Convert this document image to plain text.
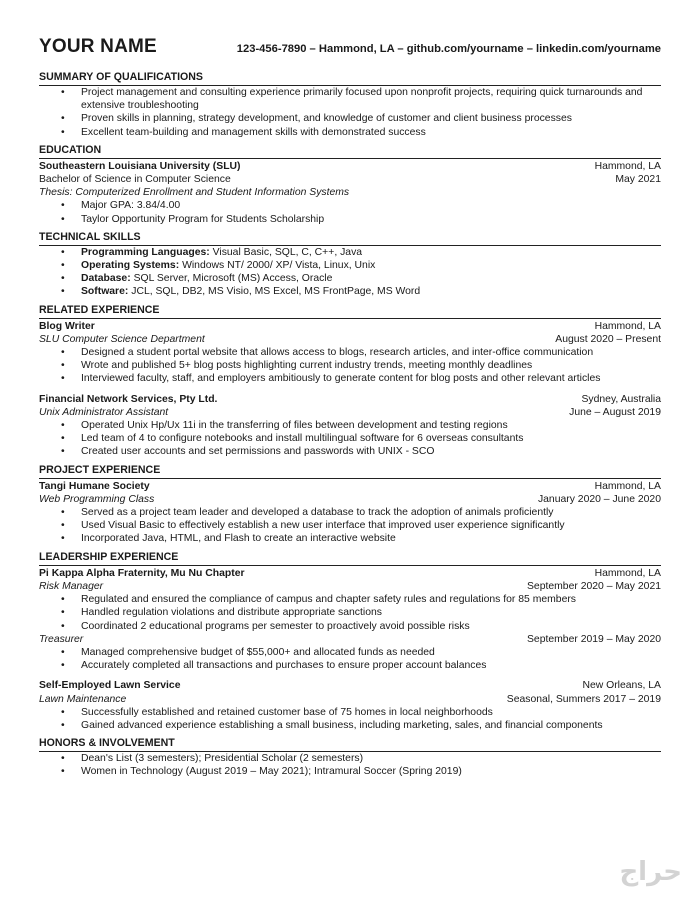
YOUR NAME	123-456-7890 – Hammond, LA – github.com/yourname – linkedin.com/yourname
SUMMARY OF QUALIFICATIONS
• Project management and consulting experience primarily focused upon nonprofit projects, requiring quick turnarounds and extensive troubleshooting
• Proven skills in planning, strategy development, and knowledge of customer and client business processes
• Excellent team-building and management skills with demonstrated success
EDUCATION
Southeastern Louisiana University (SLU)	Hammond, LA
Bachelor of Science in Computer Science	May 2021
Thesis: Computerized Enrollment and Student Information Systems
• Major GPA: 3.84/4.00
• Taylor Opportunity Program for Students Scholarship
TECHNICAL SKILLS
• Programming Languages: Visual Basic, SQL, C, C++, Java
• Operating Systems: Windows NT/ 2000/ XP/ Vista, Linux, Unix
• Database: SQL Server, Microsoft (MS) Access, Oracle
• Software: JCL, SQL, DB2, MS Visio, MS Excel, MS FrontPage, MS Word
RELATED EXPERIENCE
Blog Writer	Hammond, LA
SLU Computer Science Department	August 2020 – Present
• Designed a student portal website that allows access to blogs, research articles, and inter-office communication
• Wrote and published 5+ blog posts highlighting current industry trends, meeting monthly deadlines
• Interviewed faculty, staff, and employers ambitiously to generate content for blog posts and other relevant articles
Financial Network Services, Pty Ltd.	Sydney, Australia
Unix Administrator Assistant	June – August 2019
• Operated Unix Hp/Ux 11i in the transferring of files between development and testing regions
• Led team of 4 to configure notebooks and install multilingual software for 6 overseas consultants
• Created user accounts and set permissions and passwords with UNIX - SCO
PROJECT EXPERIENCE
Tangi Humane Society	Hammond, LA
Web Programming Class	January 2020 – June 2020
• Served as a project team leader and developed a database to track the adoption of animals proficiently
• Used Visual Basic to effectively establish a new user interface that improved user experience significantly
• Incorporated Java, HTML, and Flash to create an interactive website
LEADERSHIP EXPERIENCE
Pi Kappa Alpha Fraternity, Mu Nu Chapter	Hammond, LA
Risk Manager	September 2020 – May 2021
• Regulated and ensured the compliance of campus and chapter safety rules and regulations for 85 members
• Handled regulation violations and distribute appropriate sanctions
• Coordinated 2 educational programs per semester to proactively avoid possible risks
Treasurer	September 2019 – May 2020
• Managed comprehensive budget of $55,000+ and allocated funds as needed
• Accurately completed all transactions and purchases to ensure proper account balances
Self-Employed Lawn Service	New Orleans, LA
Lawn Maintenance	Seasonal, Summers 2017 – 2019
• Successfully established and retained customer base of 75 homes in local neighborhoods
• Gained advanced experience establishing a small business, including marketing, sales, and financial components
HONORS & INVOLVEMENT
• Dean's List (3 semesters); Presidential Scholar (2 semesters)
• Women in Technology (August 2019 – May 2021); Intramural Soccer (Spring 2019)
حراج
